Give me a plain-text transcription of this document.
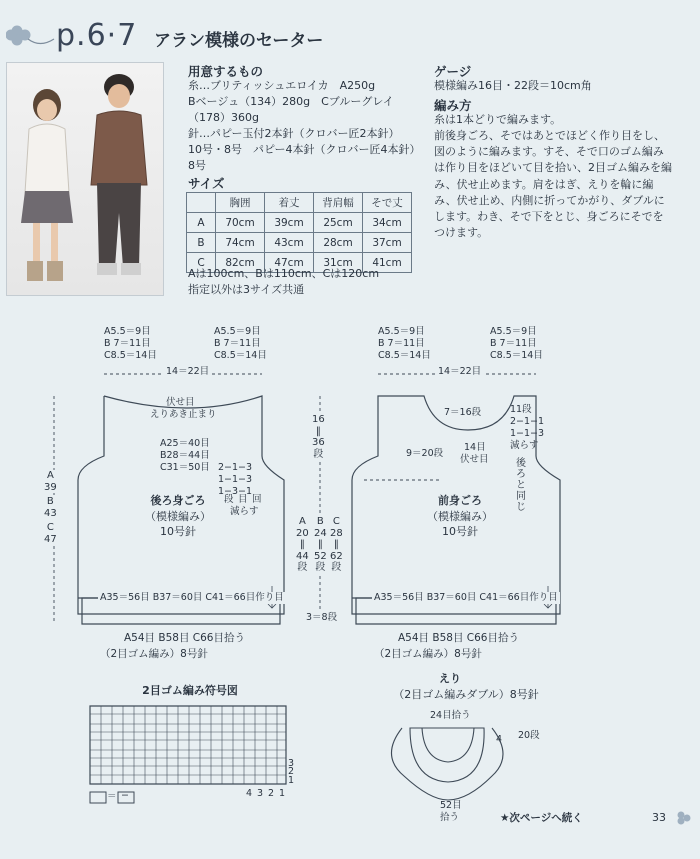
p.6·7 アラン模様のセーター
用意するもの
糸…ブリティッシュエロイカ　A250g
Bベージュ（134）280g　Cブルーグレイ
（178）360g
針…パピー玉付2本針（クロバー匠2本針）
10号・8号　パピー4本針（クロバー匠4本針）
8号
サイズ
	胸囲	着丈	背肩幅	そで丈
A	70cm	39cm	25cm	34cm
B	74cm	43cm	28cm	37cm
C	82cm	47cm	31cm	41cm
Aは100cm、Bは110cm、Cは120cm
指定以外は3サイズ共通
ゲージ
模様編み16目・22段＝10cm角
編み方
糸は1本どりで編みます。
前後身ごろ、そではあとでほどく作り目をし、図のように編みます。すそ、そで口のゴム編みは作り目をほどいて目を拾い、2目ゴム編みを編み、伏せ止めます。肩をはぎ、えりを輪に編み、伏せ止め、内側に折ってかがり、ダブルにします。わき、そで下をとじ、身ごろにそでをつけます。
A5.5＝9目
B 7＝11目
C8.5＝14目
A5.5＝9目
B 7＝11目
C8.5＝14目
14＝22目
伏せ目
えりあき止まり
A25＝40目
B28＝44目
C31＝50目 2−1−3
1−1−3
1−3−1
段 目 回
減らす
後ろ身ごろ
（模様編み）
10号針
A
39
B
43
C
47
A35＝56目 B37＝60目 C41＝66目作り目
A54目 B58目 C66目拾う
（2目ゴム編み）8号針
16
‖
36
段
A
20
‖
44
段
B
24
‖
52
段
C
28
‖
62
段
3＝8段
A5.5＝9目
B 7＝11目
C8.5＝14目
A5.5＝9目
B 7＝11目
C8.5＝14目
14＝22目
7＝16段	11段
2−1−1
1−1−3
減らす
14目
伏せ目
9＝20段
後
ろ
と
同
じ
前身ごろ
（模様編み）
10号針
A35＝56目 B37＝60目 C41＝66目作り目
A54目 B58目 C66目拾う
（2目ゴム編み）8号針
2目ゴム編み符号図
3
2
1
4 3 2 1
＝ −
えり
（2目ゴム編みダブル）8号針
24目拾う
4 20段
52目
拾う	★次ページへ続く	33
